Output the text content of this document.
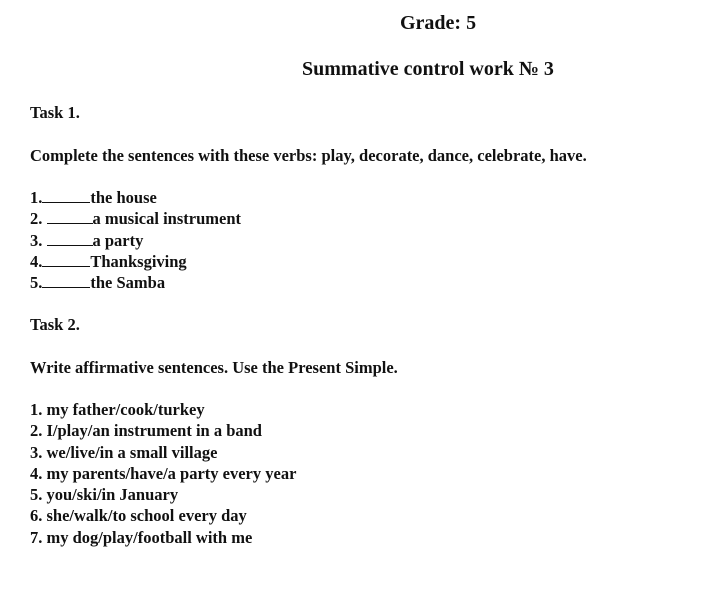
Grade: 5
Summative control work № 3
Task 1.
Complete the sentences with these verbs: play, decorate, dance, celebrate, have.
1.	the house
2.	a musical instrument
3.	a party
4.	Thanksgiving
5.	the Samba
Task 2.
Write affirmative sentences. Use the Present Simple.
1. my father/cook/turkey
2. I/play/an instrument in a band
3. we/live/in a small village
4. my parents/have/a party every year
5. you/ski/in January
6. she/walk/to school every day
7. my dog/play/football with me
